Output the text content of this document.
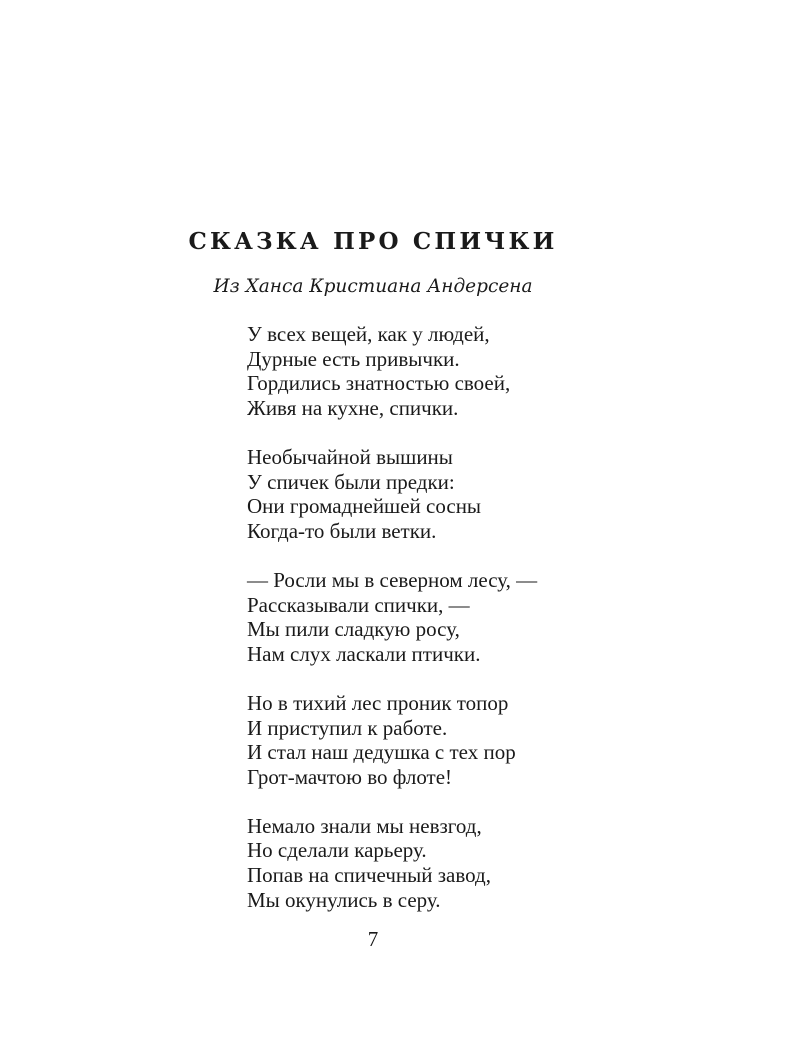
СКАЗКА ПРО СПИЧКИ

Из Ханса Кристиана Андерсена

У всех вещей, как у людей,
Дурные есть привычки.
Гордились знатностью своей,
Живя на кухне, спички.

Необычайной вышины
У спичек были предки:
Они громаднейшей сосны
Когда-то были ветки.

— Росли мы в северном лесу, —
Рассказывали спички, —
Мы пили сладкую росу,
Нам слух ласкали птички.

Но в тихий лес проник топор
И приступил к работе.
И стал наш дедушка с тех пор
Грот-мачтою во флоте!

Немало знали мы невзгод,
Но сделали карьеру.
Попав на спичечный завод,
Мы окунулись в серу.

7
